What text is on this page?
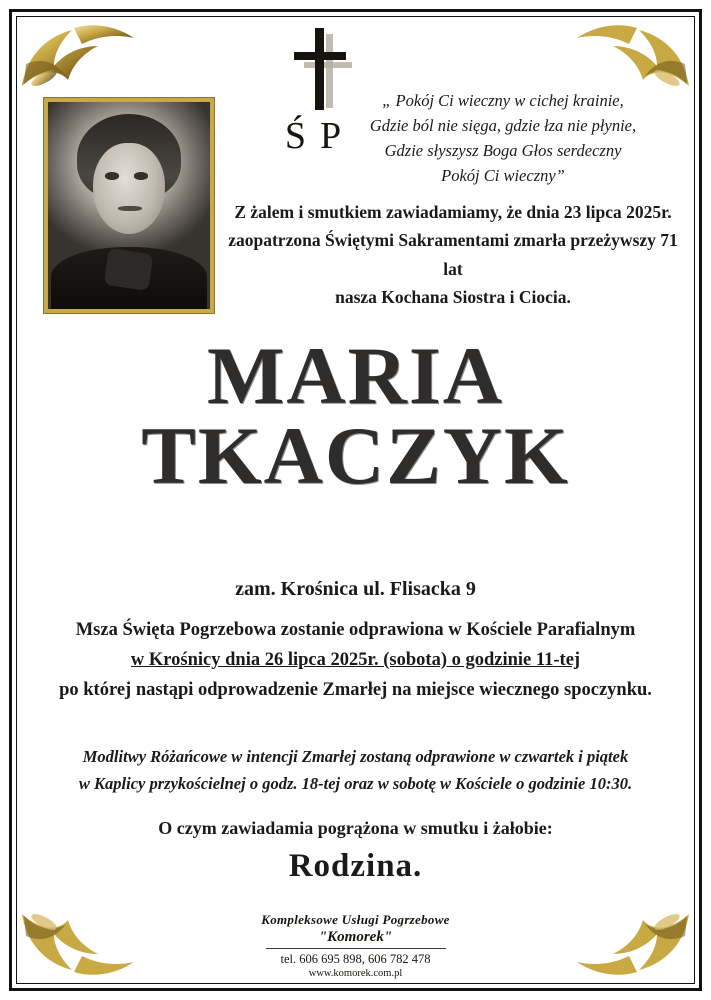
ŚP
„ Pokój Ci wieczny w cichej krainie,
Gdzie ból nie sięga, gdzie łza nie płynie,
Gdzie słyszysz Boga Głos serdeczny
Pokój Ci wieczny”
Z żalem i smutkiem zawiadamiamy, że dnia 23 lipca 2025r.
zaopatrzona Świętymi Sakramentami zmarła przeżywszy 71 lat
nasza Kochana Siostra i Ciocia.
MARIA
TKACZYK
zam. Krośnica ul. Flisacka 9
Msza Święta Pogrzebowa zostanie odprawiona w Kościele Parafialnym
w Krośnicy dnia 26 lipca 2025r. (sobota) o godzinie 11-tej
po której nastąpi odprowadzenie Zmarłej na miejsce wiecznego spoczynku.
Modlitwy Różańcowe w intencji Zmarłej zostaną odprawione w czwartek i piątek
w Kaplicy przykościelnej o godz. 18-tej oraz w sobotę w Kościele o godzinie 10:30.
O czym zawiadamia pogrążona w smutku i żałobie:
Rodzina.
Kompleksowe Usługi Pogrzebowe
"Komorek"
tel. 606 695 898, 606 782 478
www.komorek.com.pl
